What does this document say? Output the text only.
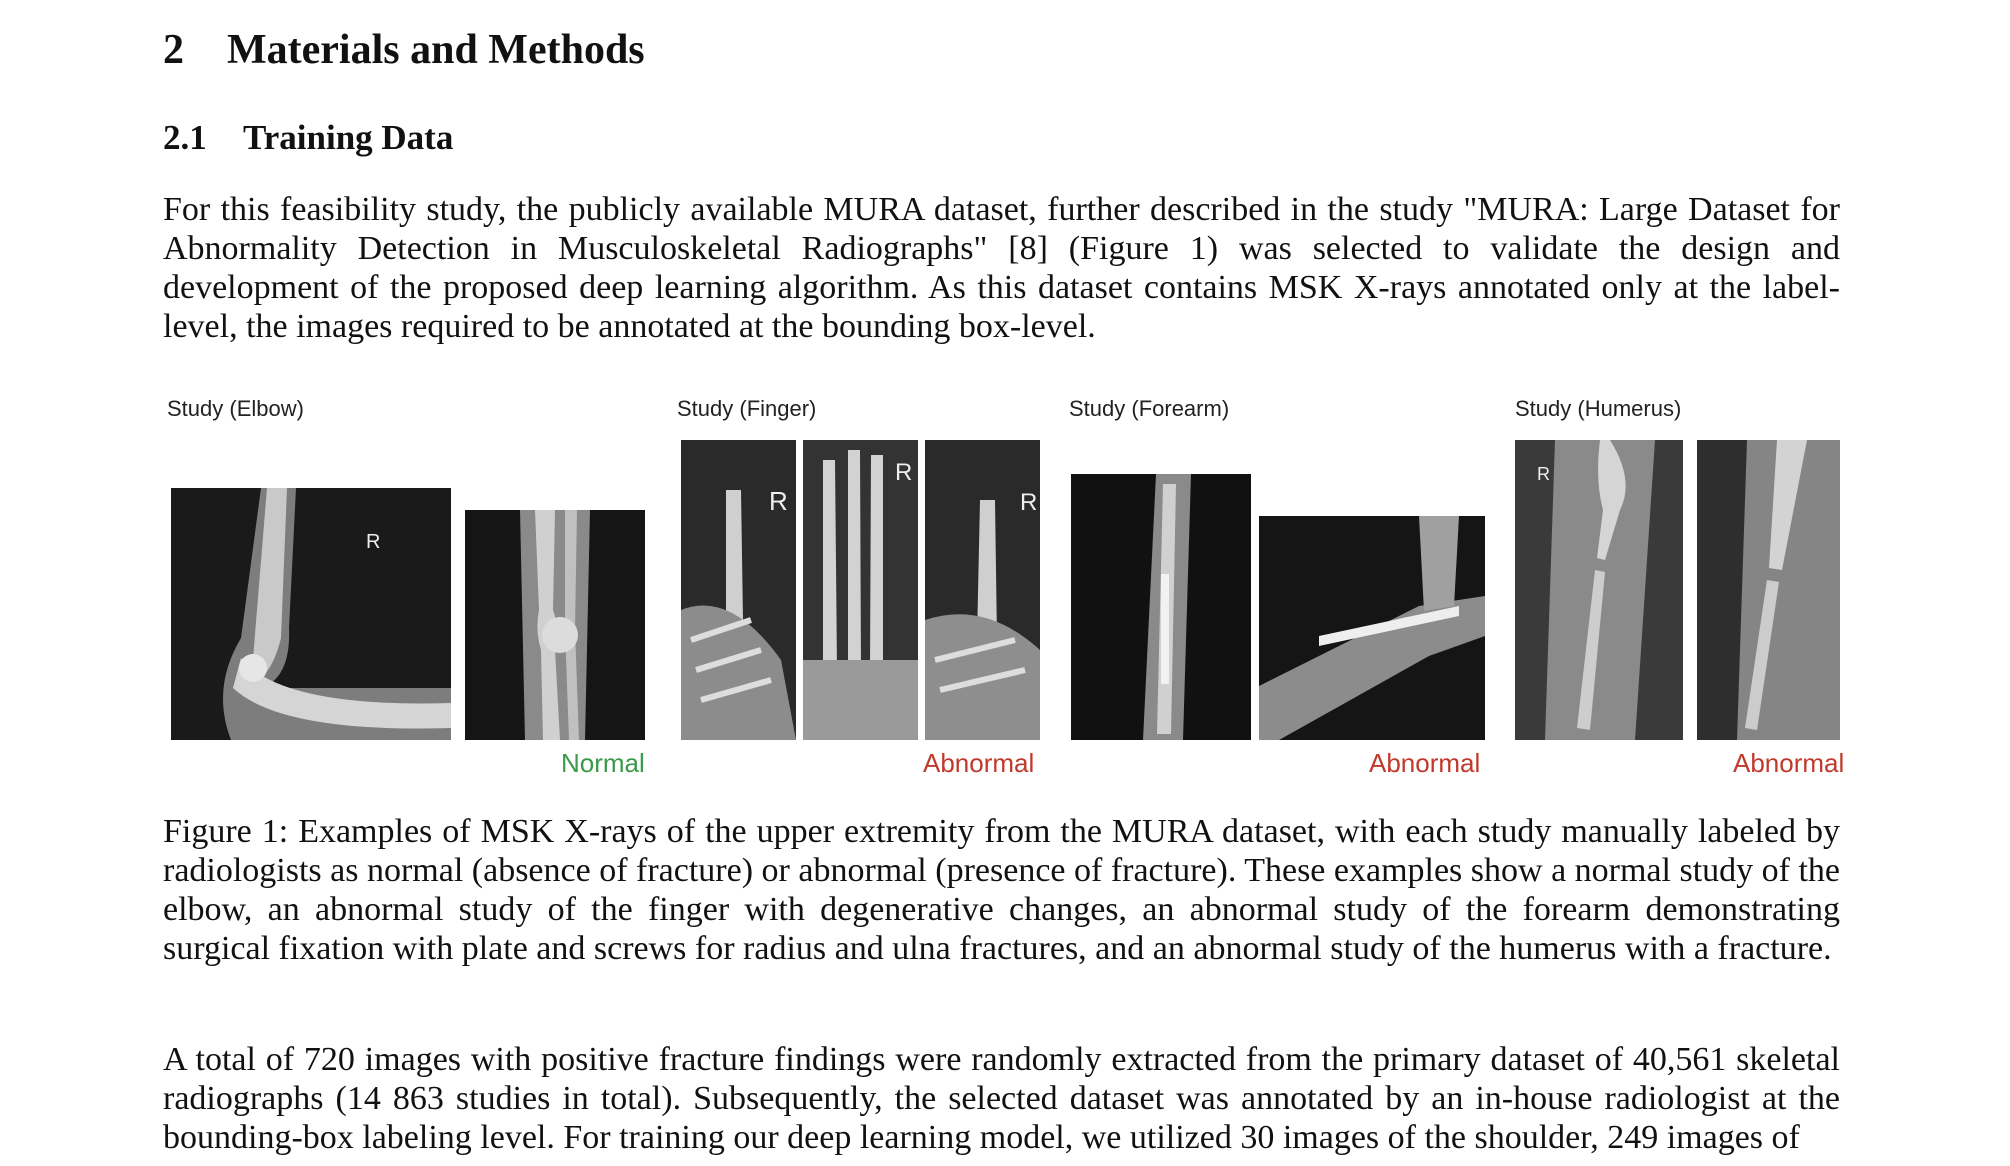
2 Materials and Methods
2.1 Training Data

For this feasibility study, the publicly available MURA dataset, further described in the study "MURA: Large Dataset for Abnormality Detection in Musculoskeletal Radiographs" [8] (Figure 1) was selected to validate the design and development of the proposed deep learning algorithm. As this dataset contains MSK X-rays annotated only at the label-level, the images required to be annotated at the bounding box-level.

Study (Elbow)
R
Normal
Study (Finger)
R
R
R
Abnormal
Study (Forearm)
Abnormal
Study (Humerus)
R
Abnormal

Figure 1: Examples of MSK X-rays of the upper extremity from the MURA dataset, with each study manually labeled by radiologists as normal (absence of fracture) or abnormal (presence of fracture). These examples show a normal study of the elbow, an abnormal study of the finger with degenerative changes, an abnormal study of the forearm demonstrating surgical fixation with plate and screws for radius and ulna fractures, and an abnormal study of the humerus with a fracture.

A total of 720 images with positive fracture findings were randomly extracted from the primary dataset of 40,561 skeletal radiographs (14 863 studies in total). Subsequently, the selected dataset was annotated by an in-house radiologist at the bounding-box labeling level. For training our deep learning model, we utilized 30 images of the shoulder, 249 images of
